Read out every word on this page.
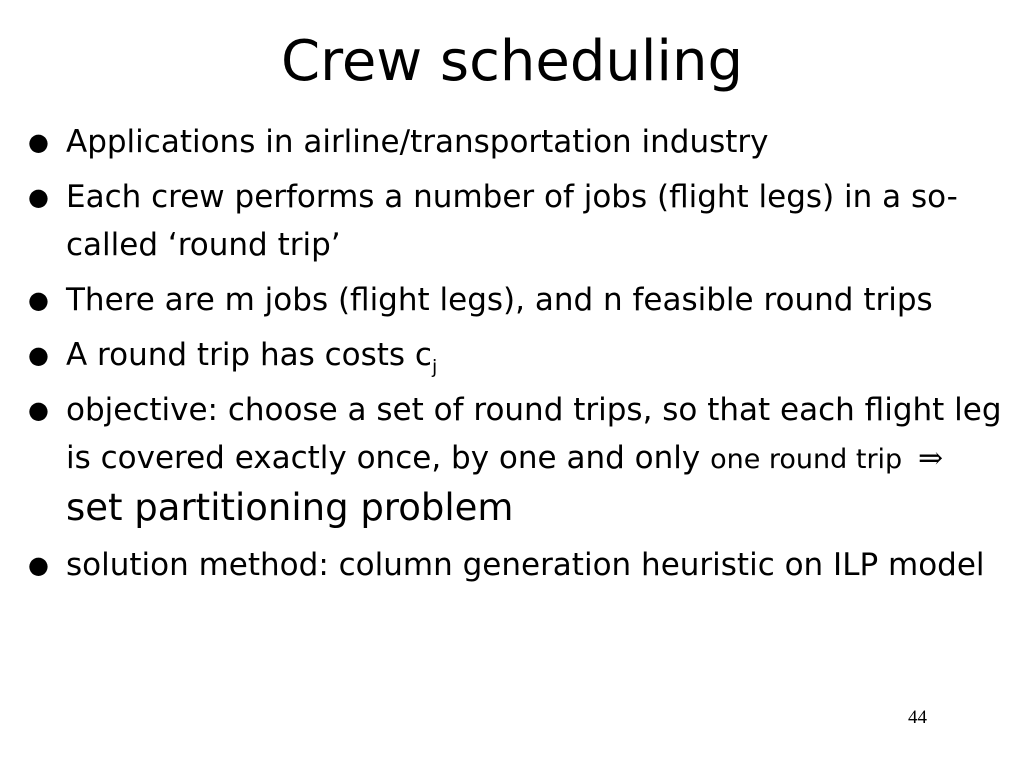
Crew scheduling
● Applications in airline/transportation industry
● Each crew performs a number of jobs (flight legs) in a so-called ‘round trip’
● There are m jobs (flight legs), and n feasible round trips
● A round trip has costs $c_j$
● objective: choose a set of round trips, so that each flight leg is covered exactly once, by one and only one round trip ⇒ set partitioning problem
● solution method: column generation heuristic on ILP model
44
